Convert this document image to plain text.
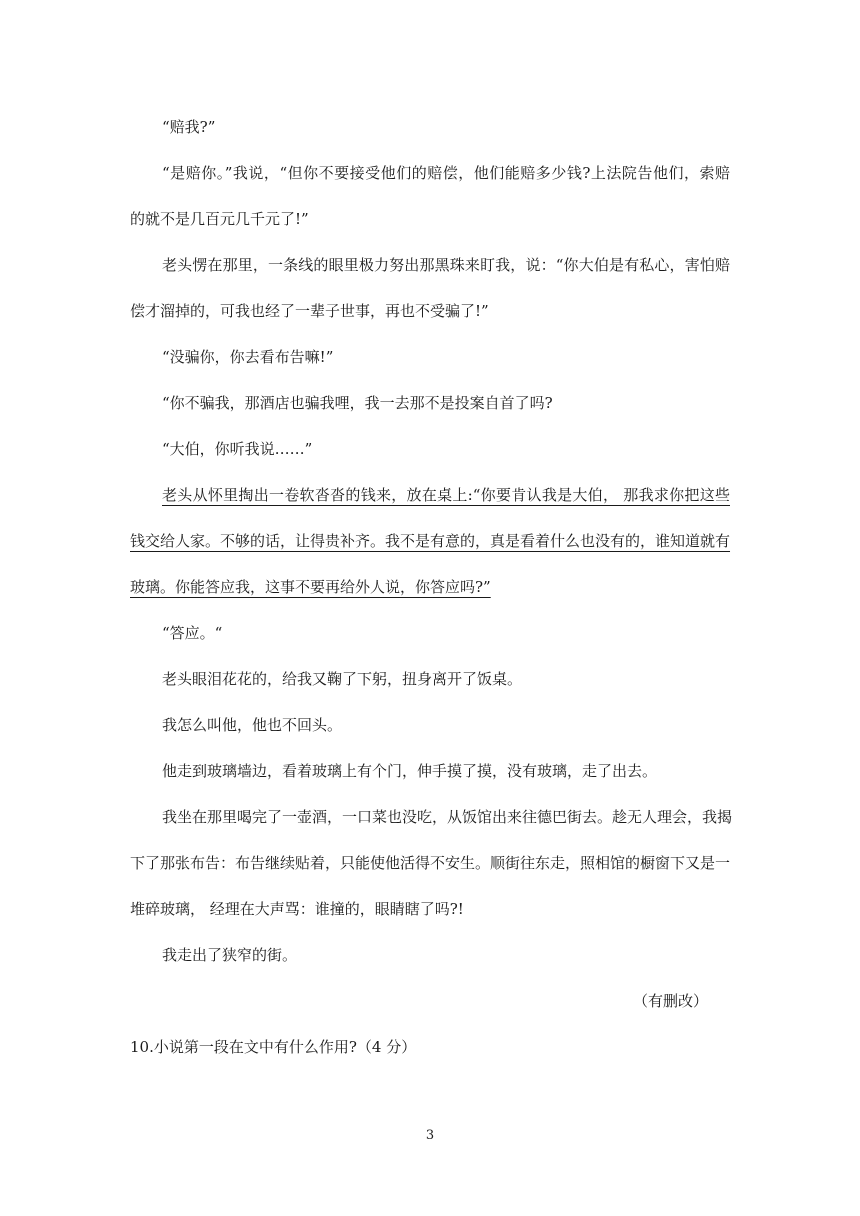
“赔我?”
“是赔你。”我说，“但你不要接受他们的赔偿，他们能赔多少钱?上法院告他们，索赔
的就不是几百元几千元了!”
老头愣在那里，一条线的眼里极力努出那黑珠来盯我，说：“你大伯是有私心，害怕赔
偿才溜掉的，可我也经了一辈子世事，再也不受骗了!”
“没骗你，你去看布告嘛!”
“你不骗我，那酒店也骗我哩，我一去那不是投案自首了吗?
“大伯，你听我说……”
老头从怀里掏出一卷软沓沓的钱来，放在桌上:“你要肯认我是大伯， 那我求你把这些
钱交给人家。不够的话，让得贵补齐。我不是有意的，真是看着什么也没有的，谁知道就有
玻璃。你能答应我，这事不要再给外人说，你答应吗?”
“答应。“
老头眼泪花花的，给我又鞠了下躬，扭身离开了饭桌。
我怎么叫他，他也不回头。
他走到玻璃墙边，看着玻璃上有个门，伸手摸了摸，没有玻璃，走了出去。
我坐在那里喝完了一壶酒，一口菜也没吃，从饭馆出来往德巴街去。趁无人理会，我揭
下了那张布告：布告继续贴着，只能使他活得不安生。顺街往东走，照相馆的橱窗下又是一
堆碎玻璃， 经理在大声骂：谁撞的，眼睛瞎了吗?!
我走出了狭窄的街。
（有删改）
10.小说第一段在文中有什么作用?（4 分）
3
